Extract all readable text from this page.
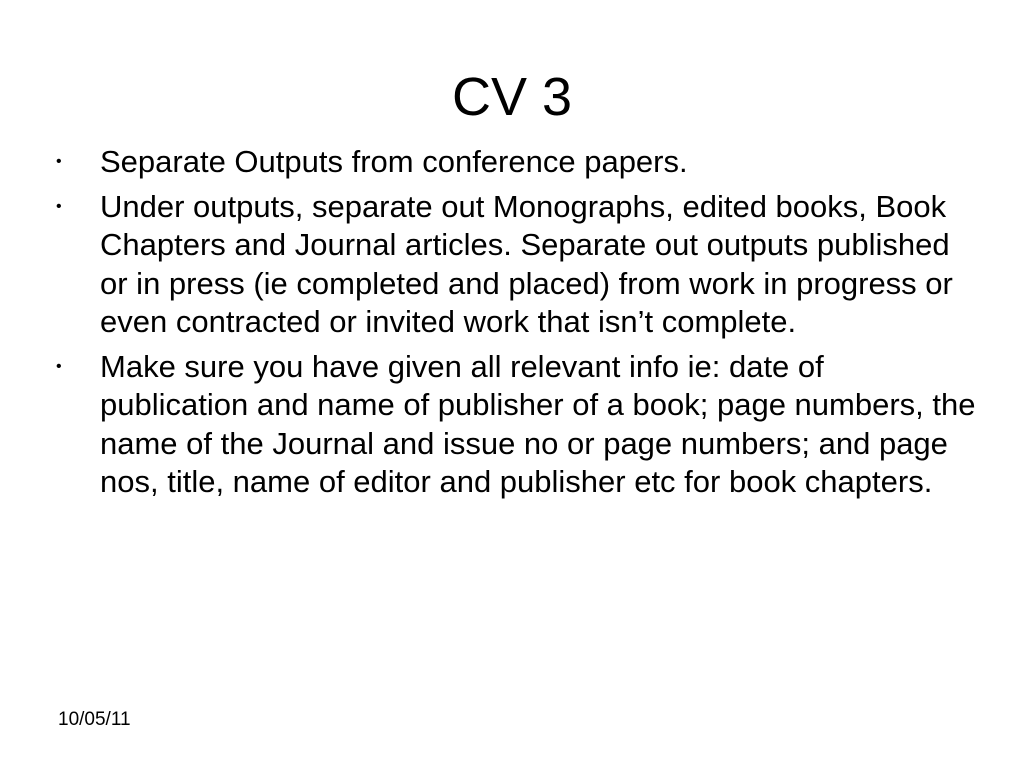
CV 3
•	Separate Outputs from conference papers.
•	Under outputs, separate out Monographs, edited books, Book Chapters and Journal articles. Separate out outputs published or in press (ie completed and placed) from work in progress or even contracted or invited work that isn’t complete.
•	Make sure you have given all relevant info ie: date of publication and name of publisher of a book; page numbers, the name of the Journal and issue no or page numbers; and page nos, title, name of editor and publisher etc for book chapters.
10/05/11
